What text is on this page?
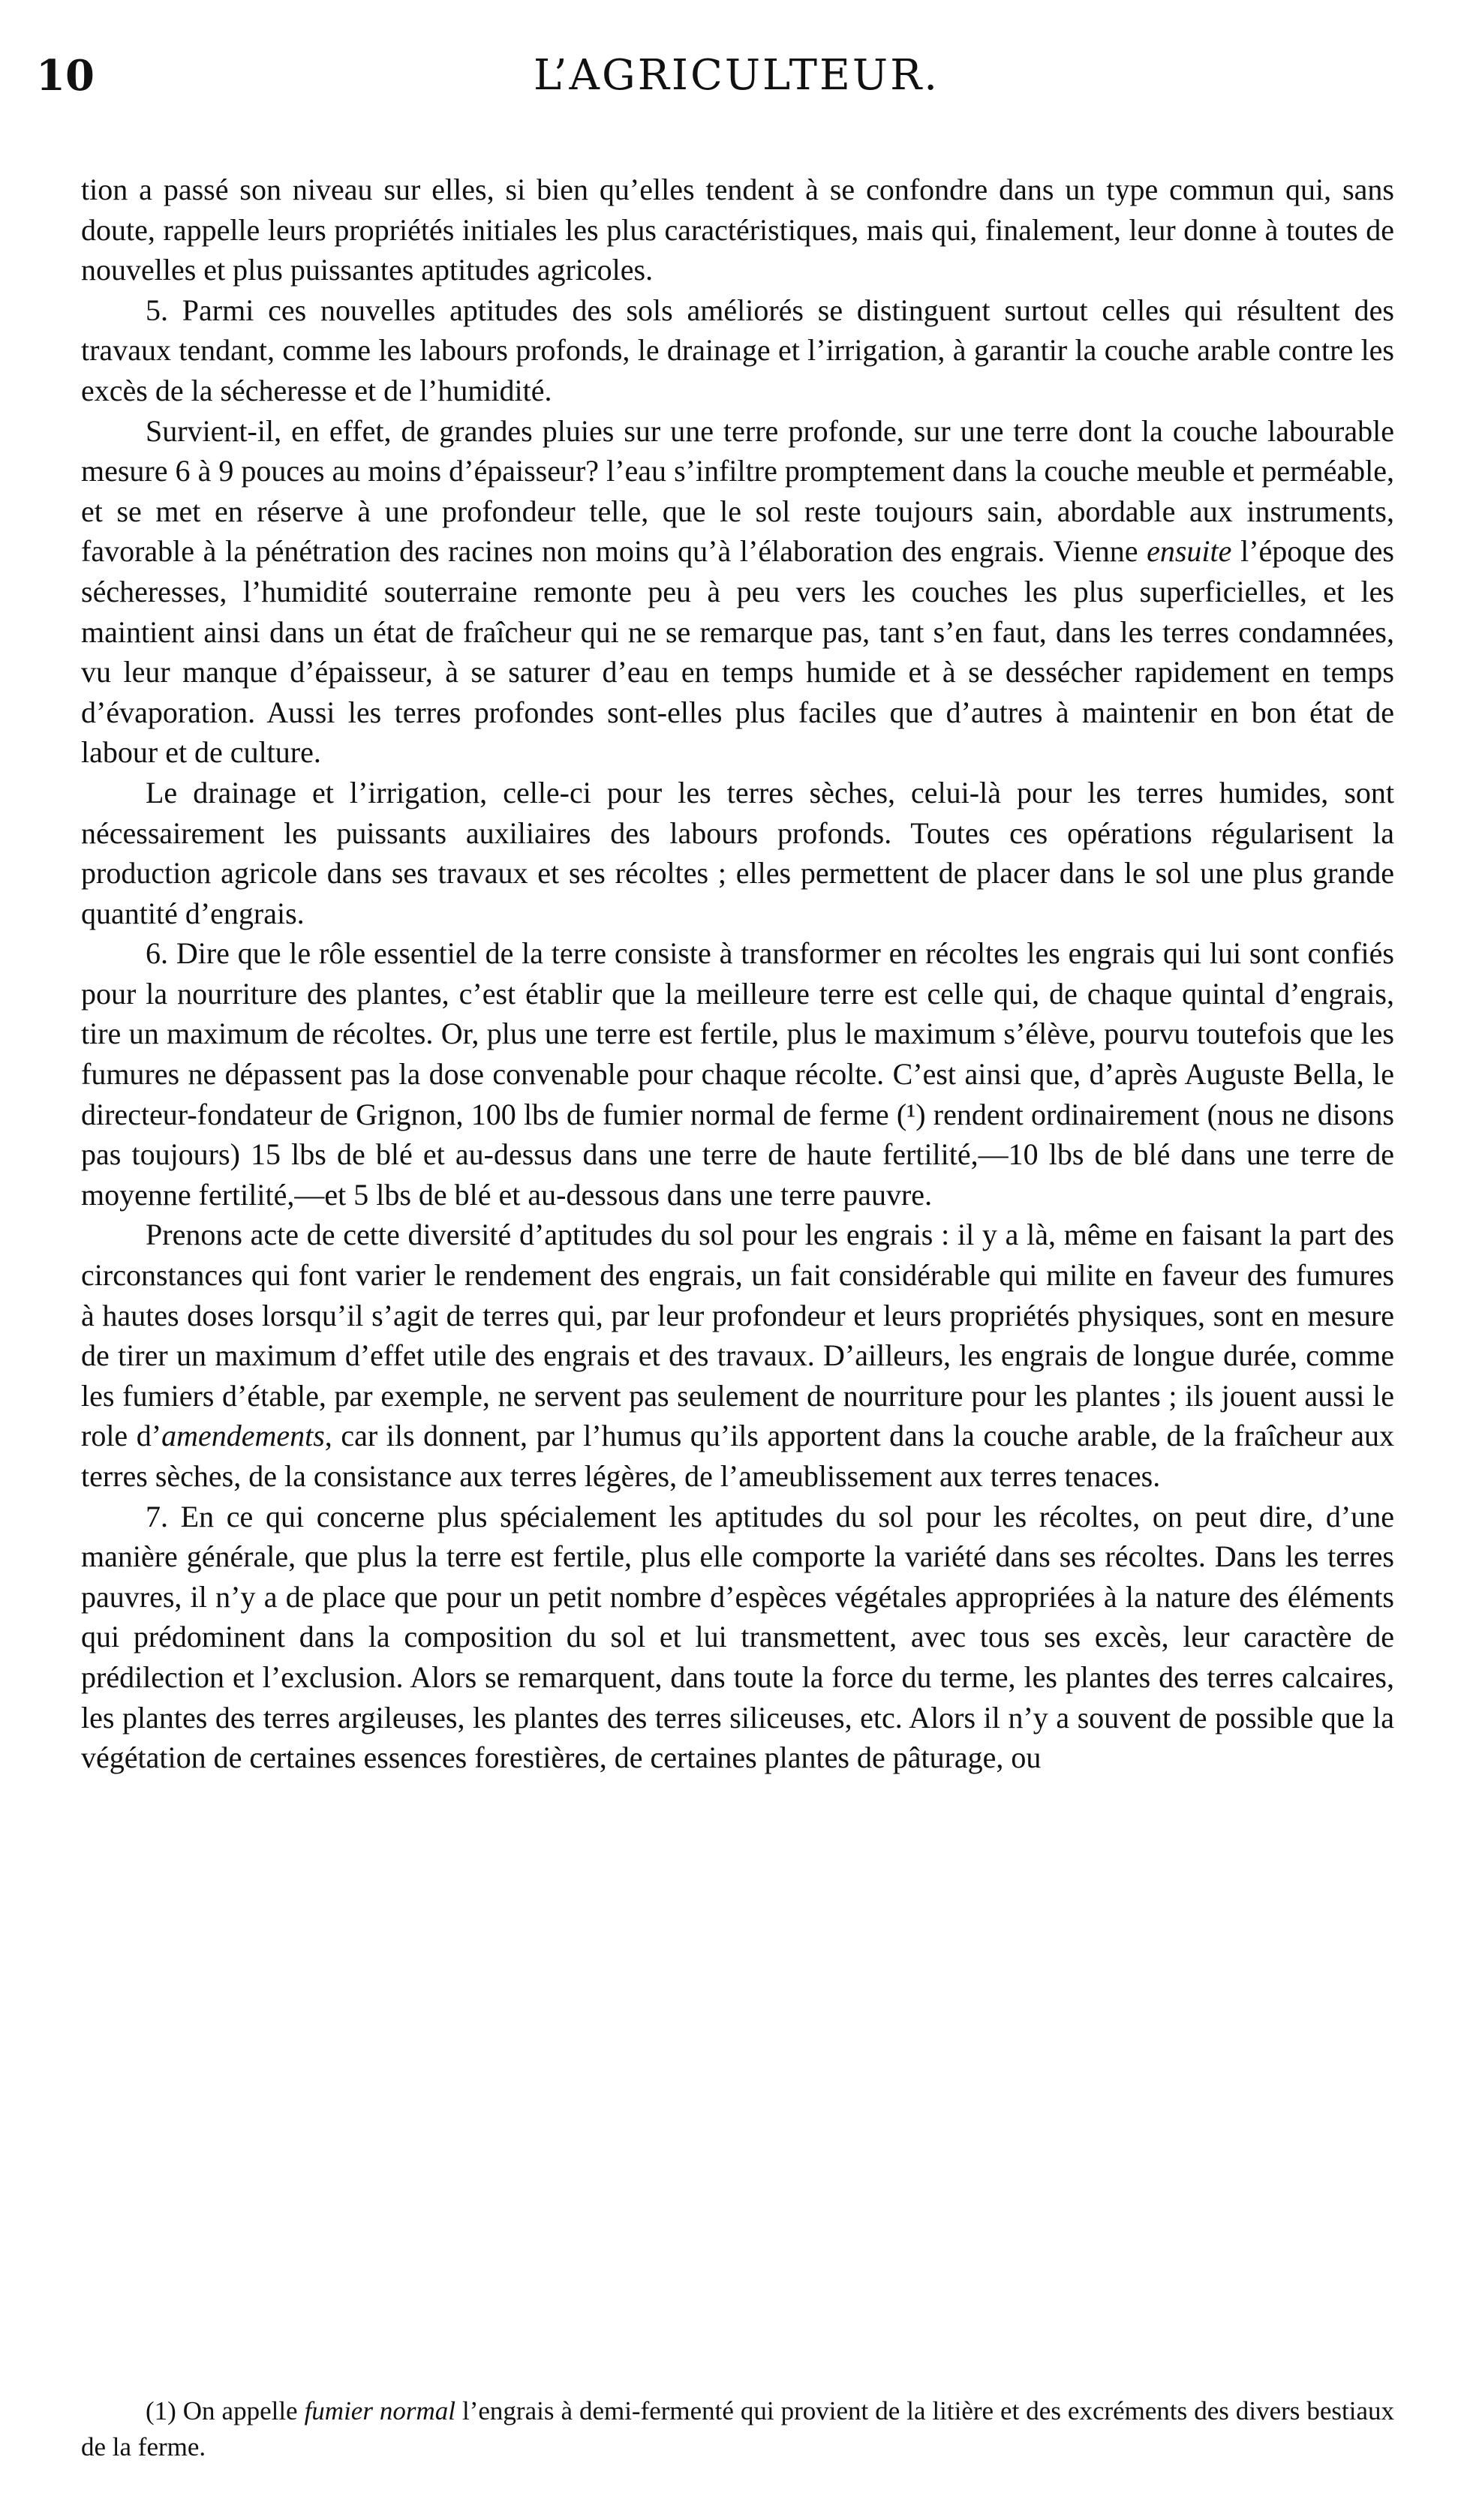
10	L’AGRICULTEUR.

tion a passé son niveau sur elles, si bien qu’elles tendent à se confondre dans un type commun qui, sans doute, rappelle leurs propriétés initiales les plus caractéristiques, mais qui, finalement, leur donne à toutes de nouvelles et plus puissantes aptitudes agricoles.

5. Parmi ces nouvelles aptitudes des sols améliorés se distinguent surtout celles qui résultent des travaux tendant, comme les labours profonds, le drainage et l’irrigation, à garantir la couche arable contre les excès de la sécheresse et de l’humidité.

Survient-il, en effet, de grandes pluies sur une terre profonde, sur une terre dont la couche labourable mesure 6 à 9 pouces au moins d’épaisseur? l’eau s’infiltre promptement dans la couche meuble et perméable, et se met en réserve à une profondeur telle, que le sol reste toujours sain, abordable aux instruments, favorable à la pénétration des racines non moins qu’à l’élaboration des engrais. Vienne ensuite l’époque des sécheresses, l’humidité souterraine remonte peu à peu vers les couches les plus superficielles, et les maintient ainsi dans un état de fraîcheur qui ne se remarque pas, tant s’en faut, dans les terres condamnées, vu leur manque d’épaisseur, à se saturer d’eau en temps humide et à se dessécher rapidement en temps d’évaporation. Aussi les terres profondes sont-elles plus faciles que d’autres à maintenir en bon état de labour et de culture.

Le drainage et l’irrigation, celle-ci pour les terres sèches, celui-là pour les terres humides, sont nécessairement les puissants auxiliaires des labours profonds. Toutes ces opérations régularisent la production agricole dans ses travaux et ses récoltes ; elles permettent de placer dans le sol une plus grande quantité d’engrais.

6. Dire que le rôle essentiel de la terre consiste à transformer en récoltes les engrais qui lui sont confiés pour la nourriture des plantes, c’est établir que la meilleure terre est celle qui, de chaque quintal d’engrais, tire un maximum de récoltes. Or, plus une terre est fertile, plus le maximum s’élève, pourvu toutefois que les fumures ne dépassent pas la dose convenable pour chaque récolte. C’est ainsi que, d’après Auguste Bella, le directeur-fondateur de Grignon, 100 lbs de fumier normal de ferme (¹) rendent ordinairement (nous ne disons pas toujours) 15 lbs de blé et au-dessus dans une terre de haute fertilité,—10 lbs de blé dans une terre de moyenne fertilité,—et 5 lbs de blé et au-dessous dans une terre pauvre.

Prenons acte de cette diversité d’aptitudes du sol pour les engrais : il y a là, même en faisant la part des circonstances qui font varier le rendement des engrais, un fait considérable qui milite en faveur des fumures à hautes doses lorsqu’il s’agit de terres qui, par leur profondeur et leurs propriétés physiques, sont en mesure de tirer un maximum d’effet utile des engrais et des travaux. D’ailleurs, les engrais de longue durée, comme les fumiers d’étable, par exemple, ne servent pas seulement de nourriture pour les plantes ; ils jouent aussi le role d’amendements, car ils donnent, par l’humus qu’ils apportent dans la couche arable, de la fraîcheur aux terres sèches, de la consistance aux terres légères, de l’ameublissement aux terres tenaces.

7. En ce qui concerne plus spécialement les aptitudes du sol pour les récoltes, on peut dire, d’une manière générale, que plus la terre est fertile, plus elle comporte la variété dans ses récoltes. Dans les terres pauvres, il n’y a de place que pour un petit nombre d’espèces végétales appropriées à la nature des éléments qui prédominent dans la composition du sol et lui transmettent, avec tous ses excès, leur caractère de prédilection et l’exclusion. Alors se remarquent, dans toute la force du terme, les plantes des terres calcaires, les plantes des terres argileuses, les plantes des terres siliceuses, etc. Alors il n’y a souvent de possible que la végétation de certaines essences forestières, de certaines plantes de pâturage, ou

(1) On appelle fumier normal l’engrais à demi-fermenté qui provient de la litière et des excréments des divers bestiaux de la ferme.
